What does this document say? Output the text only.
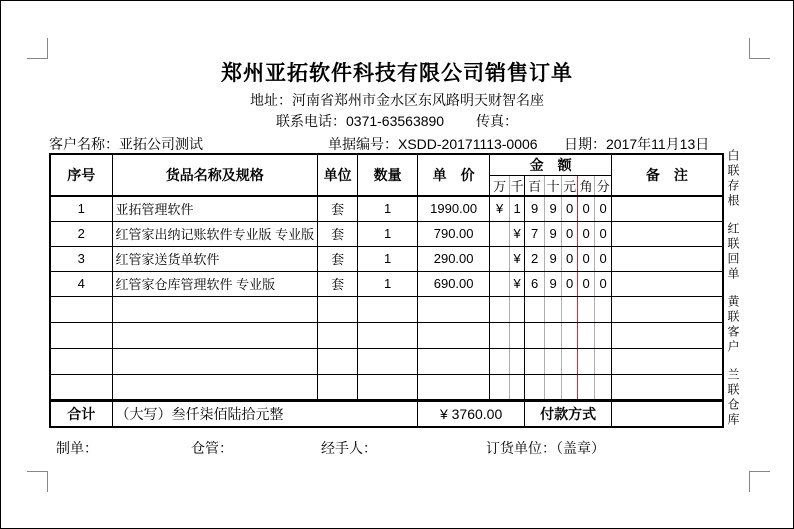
郑州亚拓软件科技有限公司销售订单
地址：河南省郑州市金水区东风路明天财智名座
联系电话：0371-63563890 传真：
客户名称：亚拓公司测试	单据编号：XSDD-20171113-0006 日期：2017年11月13日
序号	货品名称及规格	单位	数量	单　价	金　额							备　注
					万	千	百	十	元	角	分	
1	亚拓管理软件	套	1	1990.00	¥	1	9	9	0	0	0	
2	红管家出纳记账软件专业版 专业版	套	1	790.00		¥	7	9	0	0	0	
3	红管家送货单软件	套	1	290.00		¥	2	9	0	0	0	
4	红管家仓库管理软件 专业版	套	1	690.00		¥	6	9	0	0	0	

合计	（大写）叁仟柒佰陆拾元整			¥ 3760.00			付款方式					
制单：	仓管：	经手人：	订货单位：（盖章）
白联存根
红联回单
黄联客户
兰联仓库
